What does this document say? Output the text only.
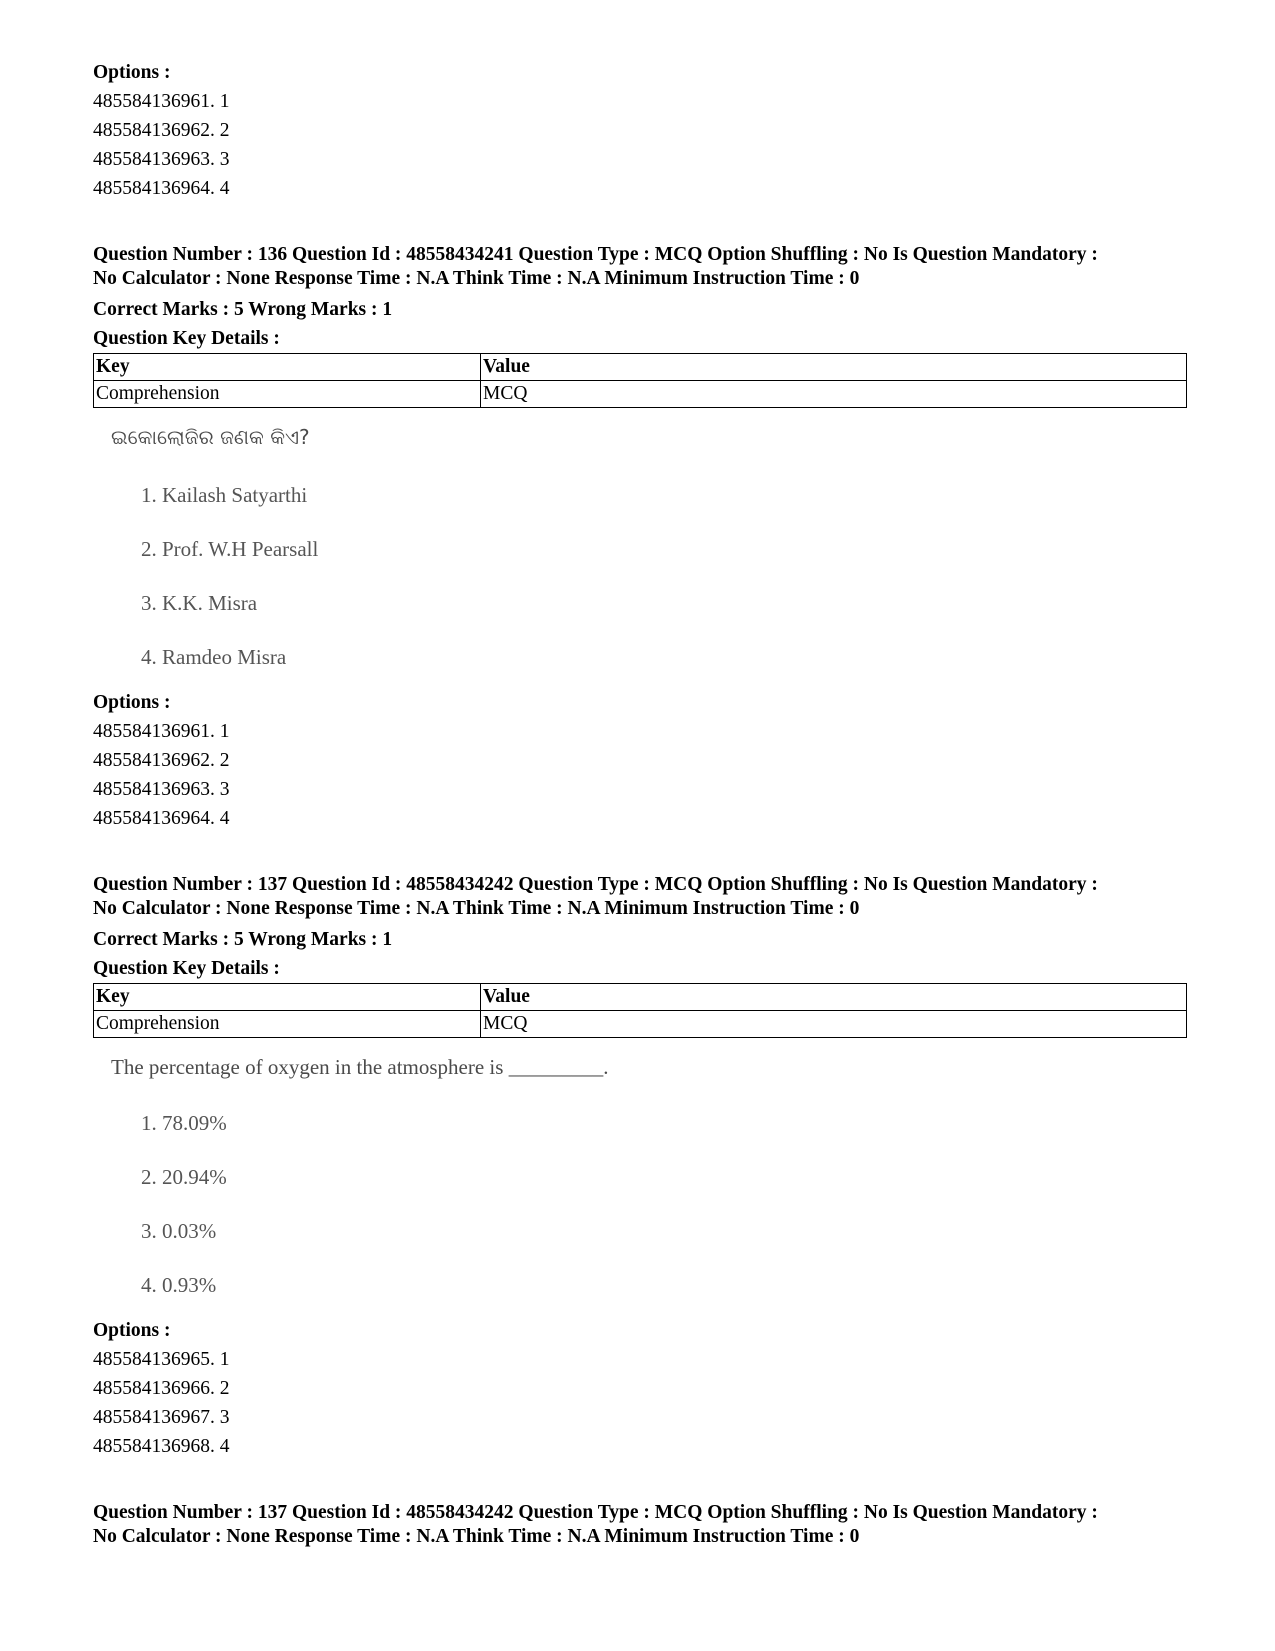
Options :
485584136961. 1
485584136962. 2
485584136963. 3
485584136964. 4
Question Number : 136 Question Id : 48558434241 Question Type : MCQ Option Shuffling : No Is Question Mandatory :
No Calculator : None Response Time : N.A Think Time : N.A Minimum Instruction Time : 0
Correct Marks : 5 Wrong Marks : 1
Question Key Details :
Key	Value
Comprehension	MCQ
ଇକୋଲୋଜିର ଜଣକ କିଏ?
1. Kailash Satyarthi
2. Prof. W.H Pearsall
3. K.K. Misra
4. Ramdeo Misra
Options :
485584136961. 1
485584136962. 2
485584136963. 3
485584136964. 4
Question Number : 137 Question Id : 48558434242 Question Type : MCQ Option Shuffling : No Is Question Mandatory :
No Calculator : None Response Time : N.A Think Time : N.A Minimum Instruction Time : 0
Correct Marks : 5 Wrong Marks : 1
Question Key Details :
Key	Value
Comprehension	MCQ
The percentage of oxygen in the atmosphere is _________.
1. 78.09%
2. 20.94%
3. 0.03%
4. 0.93%
Options :
485584136965. 1
485584136966. 2
485584136967. 3
485584136968. 4
Question Number : 137 Question Id : 48558434242 Question Type : MCQ Option Shuffling : No Is Question Mandatory :
No Calculator : None Response Time : N.A Think Time : N.A Minimum Instruction Time : 0
